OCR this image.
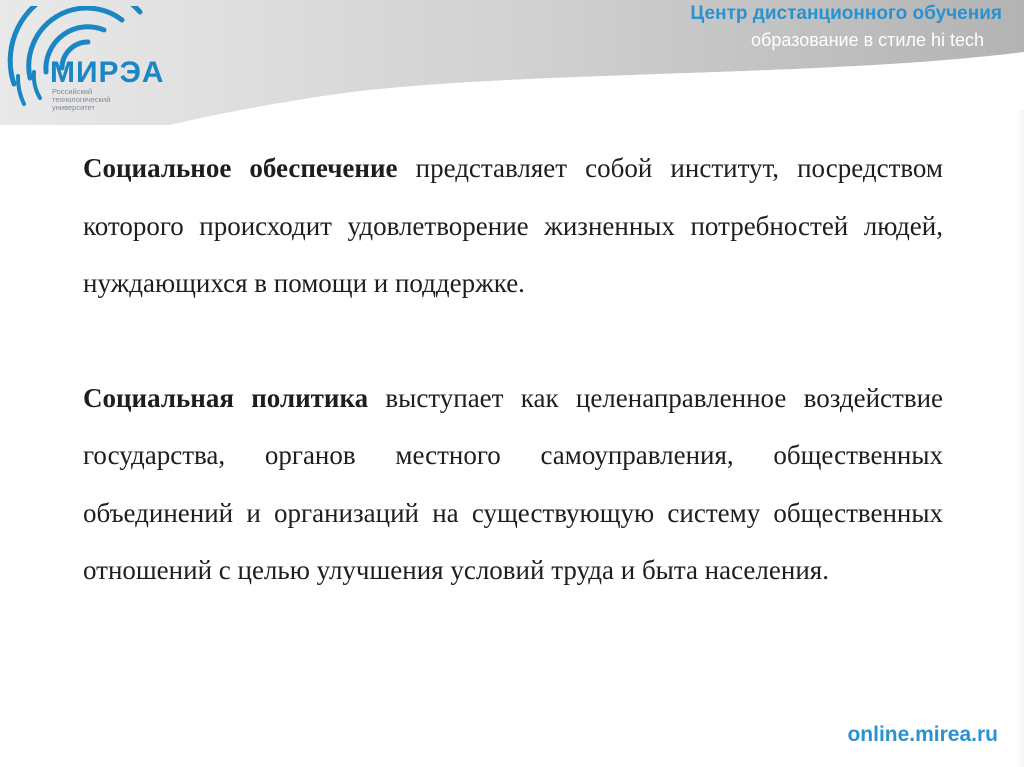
МИРЭА
Российский
технологический
университет
Центр дистанционного обучения
образование в стиле hi tech

Социальное обеспечение представляет собой институт, посредством которого происходит удовлетворение жизненных потребностей людей, нуждающихся в помощи и поддержке.

Социальная политика выступает как целенаправленное воздействие государства, органов местного самоуправления, общественных объединений и организаций на существующую систему общественных отношений с целью улучшения условий труда и быта населения.

online.mirea.ru
